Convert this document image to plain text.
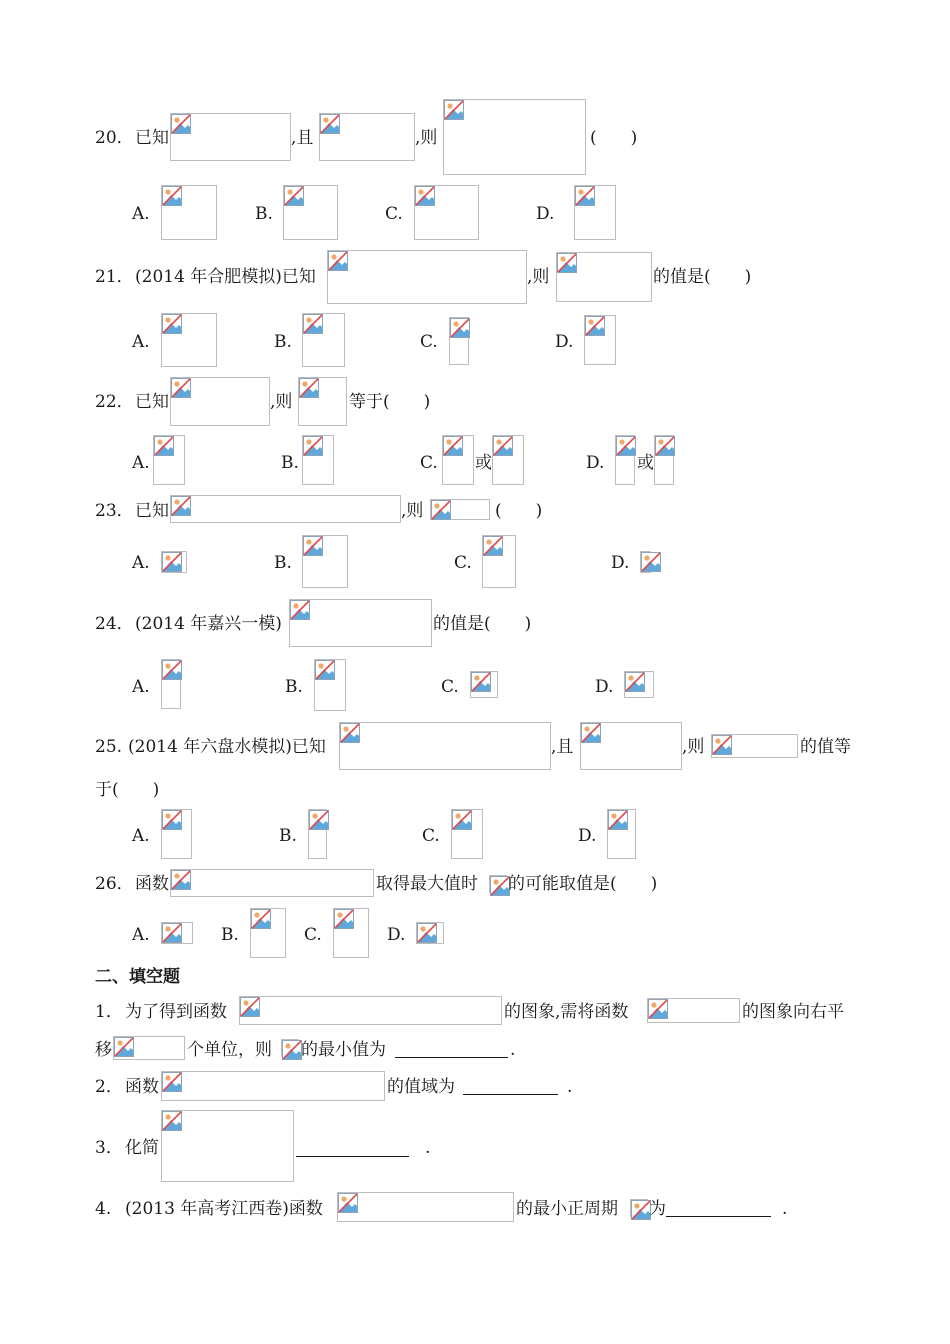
20． 已知	,且	,则	(　　)
A.	B.	C.	D.
21． (2014 年合肥模拟)已知	,则	的值是(　　)
A.	B.	C.	D.
22． 已知	,则	等于(　　)
A.	B.	C. 或	D. 或
23． 已知	,则	(　　)
A.	B.	C.	D.
24． (2014 年嘉兴一模)	的值是(　　)
A.	B.	C.	D.
25. (2014 年六盘水模拟)已知	,且	,则	的值等
于(　　)
A.	B.	C.	D.
26． 函数	取得最大值时 的可能取值是(　　)
A.	B.	C.	D.
二、填空题
1． 为了得到函数	的图象,需将函数	的图象向右平
移	个单位，则 的最小值为	.
2． 函数	的值域为	.
3． 化简	.
4. (2013 年高考江西卷)函数	的最小正周期 为	.
